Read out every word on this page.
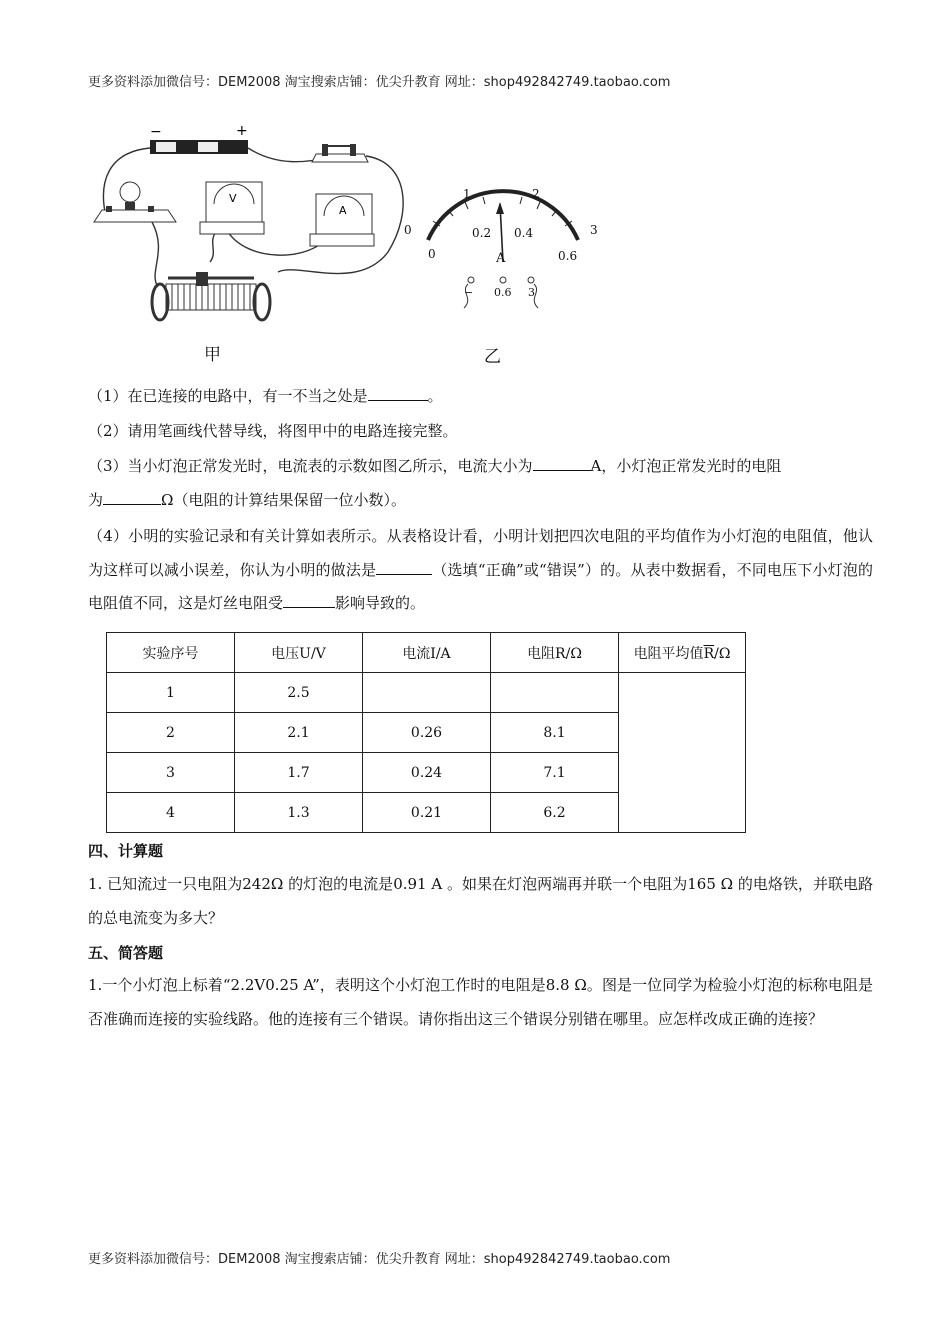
更多资料添加微信号：DEM2008 淘宝搜索店铺：优尖升教育 网址：shop492842749.taobao.com
−	+
V
A
0
1	2
3
0
0.2 0.4
0.6
A
− 0.6 3
甲	乙
（1）在已连接的电路中，有一不当之处是	。
（2）请用笔画线代替导线，将图甲中的电路连接完整。
（3）当小灯泡正常发光时，电流表的示数如图乙所示，电流大小为	A，小灯泡正常发光时的电阻
为	Ω（电阻的计算结果保留一位小数）。
（4）小明的实验记录和有关计算如表所示。从表格设计看，小明计划把四次电阻的平均值作为小灯泡的电阻值，他认为这样可以减小误差，你认为小明的做法是	（选填“正确”或“错误”）的。从表中数据看，不同电压下小灯泡的电阻值不同，这是灯丝电阻受	影响导致的。
实验序号	电压U/V	电流I/A	电阻R/Ω	电阻平均值$\overline{R}/\Omega$
1	2.5			
2	2.1	0.26	8.1	
3	1.7	0.24	7.1	
4	1.3	0.21	6.2	
四、计算题
1. 已知流过一只电阻为242Ω 的灯泡的电流是0.91 A 。如果在灯泡两端再并联一个电阻为165 Ω 的电烙铁，并联电路的总电流变为多大？
五、简答题
1.一个小灯泡上标着“2.2V0.25 A”，表明这个小灯泡工作时的电阻是8.8 Ω。图是一位同学为检验小灯泡的标称电阻是否准确而连接的实验线路。他的连接有三个错误。请你指出这三个错误分别错在哪里。应怎样改成正确的连接？
更多资料添加微信号：DEM2008 淘宝搜索店铺：优尖升教育 网址：shop492842749.taobao.com
